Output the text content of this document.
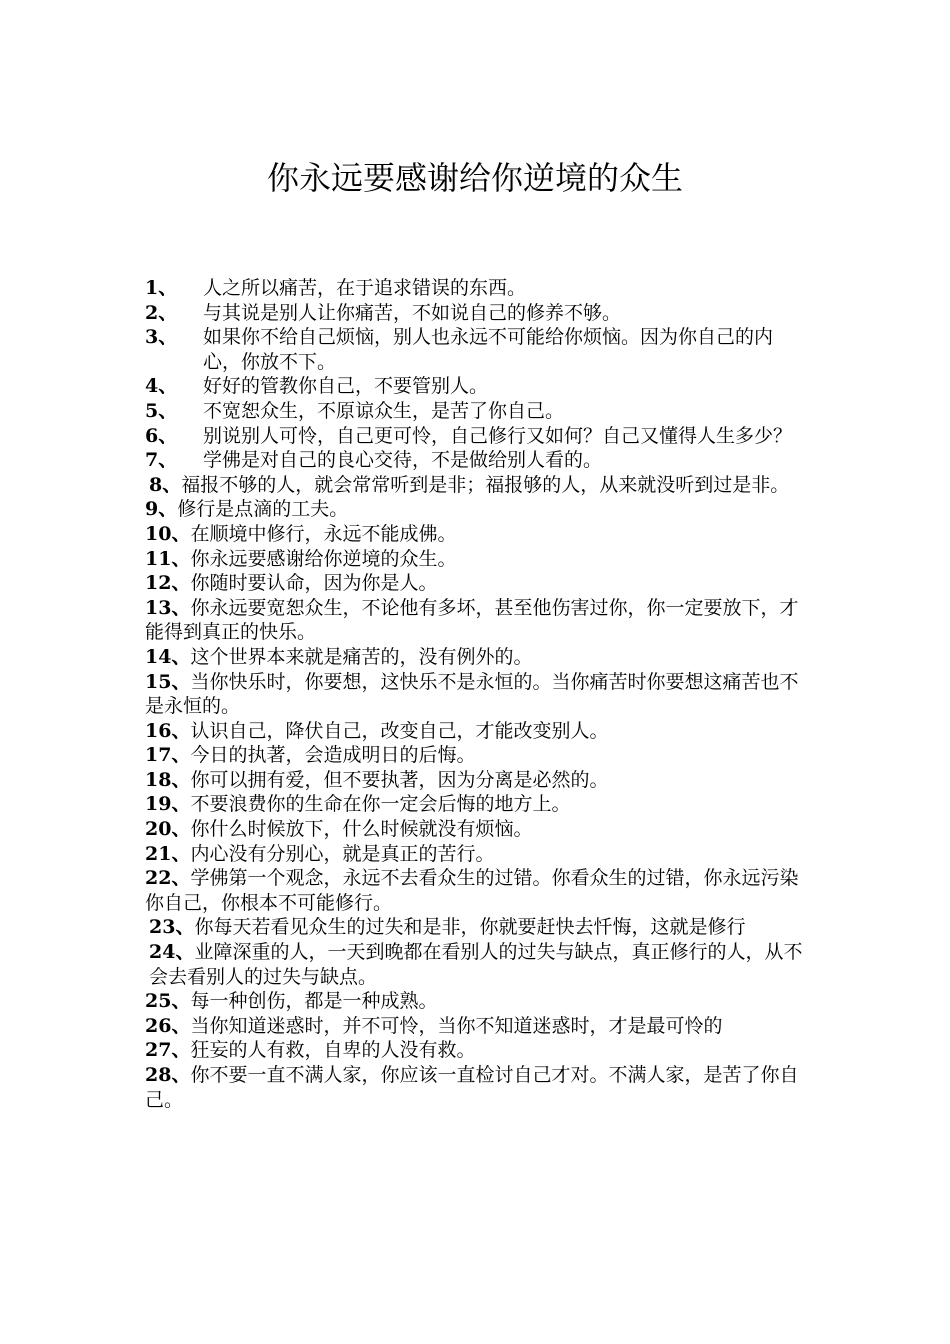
你永远要感谢给你逆境的众生
1、	人之所以痛苦，在于追求错误的东西。
2、	与其说是别人让你痛苦，不如说自己的修养不够。
3、	如果你不给自己烦恼，别人也永远不可能给你烦恼。因为你自己的内心，你放不下。
4、	好好的管教你自己，不要管别人。
5、	不宽恕众生，不原谅众生，是苦了你自己。
6、	别说别人可怜，自己更可怜，自己修行又如何？自己又懂得人生多少？
7、	学佛是对自己的良心交待，不是做给别人看的。
8、福报不够的人，就会常常听到是非；福报够的人，从来就没听到过是非。
9、修行是点滴的工夫。
10、在顺境中修行，永远不能成佛。
11、你永远要感谢给你逆境的众生。
12、你随时要认命，因为你是人。
13、你永远要宽恕众生，不论他有多坏，甚至他伤害过你，你一定要放下，才能得到真正的快乐。
14、这个世界本来就是痛苦的，没有例外的。
15、当你快乐时，你要想，这快乐不是永恒的。当你痛苦时你要想这痛苦也不是永恒的。
16、认识自己，降伏自己，改变自己，才能改变别人。
17、今日的执著，会造成明日的后悔。
18、你可以拥有爱，但不要执著，因为分离是必然的。
19、不要浪费你的生命在你一定会后悔的地方上。
20、你什么时候放下，什么时候就没有烦恼。
21、内心没有分别心，就是真正的苦行。
22、学佛第一个观念，永远不去看众生的过错。你看众生的过错，你永远污染你自己，你根本不可能修行。
23、你每天若看见众生的过失和是非，你就要赶快去忏悔，这就是修行
24、业障深重的人，一天到晚都在看别人的过失与缺点，真正修行的人，从不会去看别人的过失与缺点。
25、每一种创伤，都是一种成熟。
26、当你知道迷惑时，并不可怜，当你不知道迷惑时，才是最可怜的
27、狂妄的人有救，自卑的人没有救。
28、你不要一直不满人家，你应该一直检讨自己才对。不满人家，是苦了你自己。
